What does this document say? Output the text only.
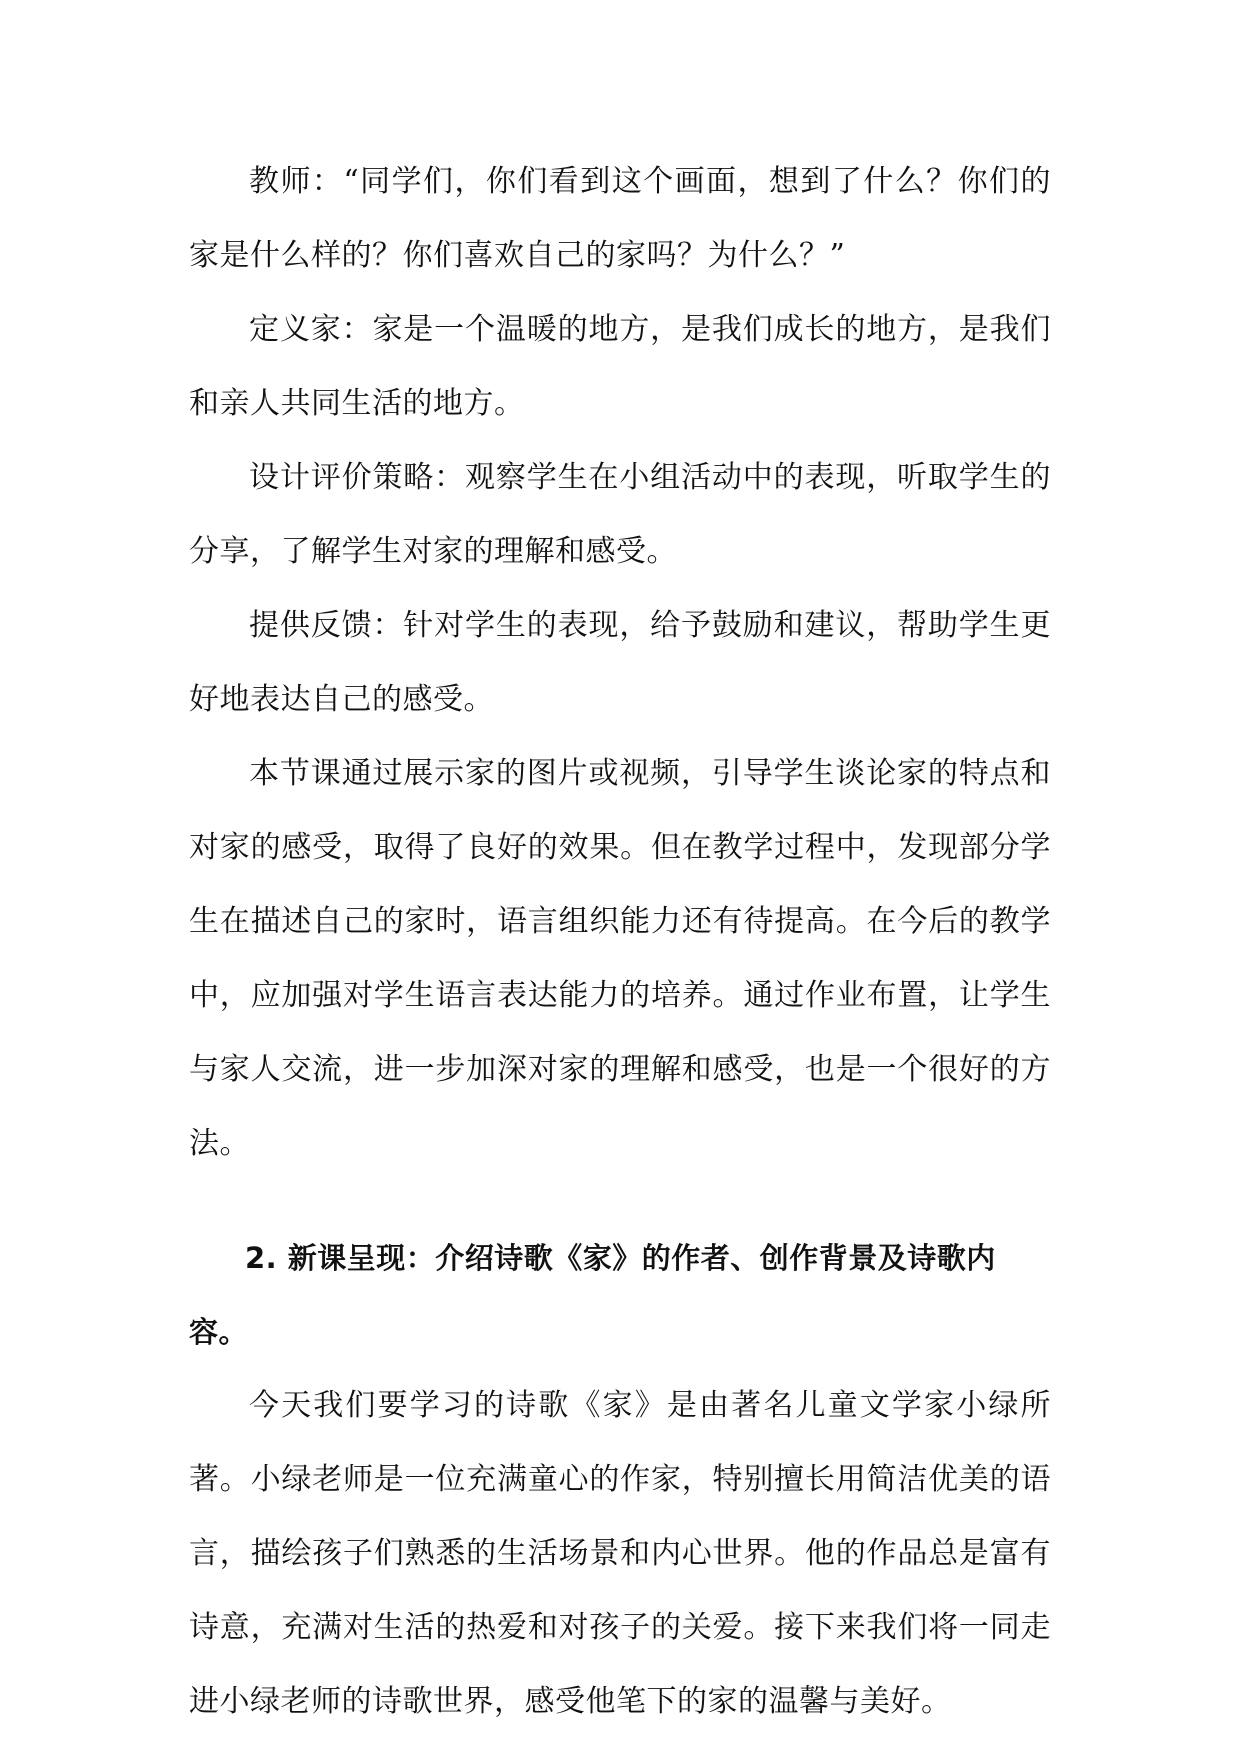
教师：“同学们，你们看到这个画面，想到了什么？你们的家是什么样的？你们喜欢自己的家吗？为什么？”

定义家：家是一个温暖的地方，是我们成长的地方，是我们和亲人共同生活的地方。

设计评价策略：观察学生在小组活动中的表现，听取学生的分享，了解学生对家的理解和感受。

提供反馈：针对学生的表现，给予鼓励和建议，帮助学生更好地表达自己的感受。

本节课通过展示家的图片或视频，引导学生谈论家的特点和对家的感受，取得了良好的效果。但在教学过程中，发现部分学生在描述自己的家时，语言组织能力还有待提高。在今后的教学中，应加强对学生语言表达能力的培养。通过作业布置，让学生与家人交流，进一步加深对家的理解和感受，也是一个很好的方法。

2. 新课呈现：介绍诗歌《家》的作者、创作背景及诗歌内容。

今天我们要学习的诗歌《家》是由著名儿童文学家小绿所著。小绿老师是一位充满童心的作家，特别擅长用简洁优美的语言，描绘孩子们熟悉的生活场景和内心世界。他的作品总是富有诗意，充满对生活的热爱和对孩子的关爱。接下来我们将一同走进小绿老师的诗歌世界，感受他笔下的家的温馨与美好。
